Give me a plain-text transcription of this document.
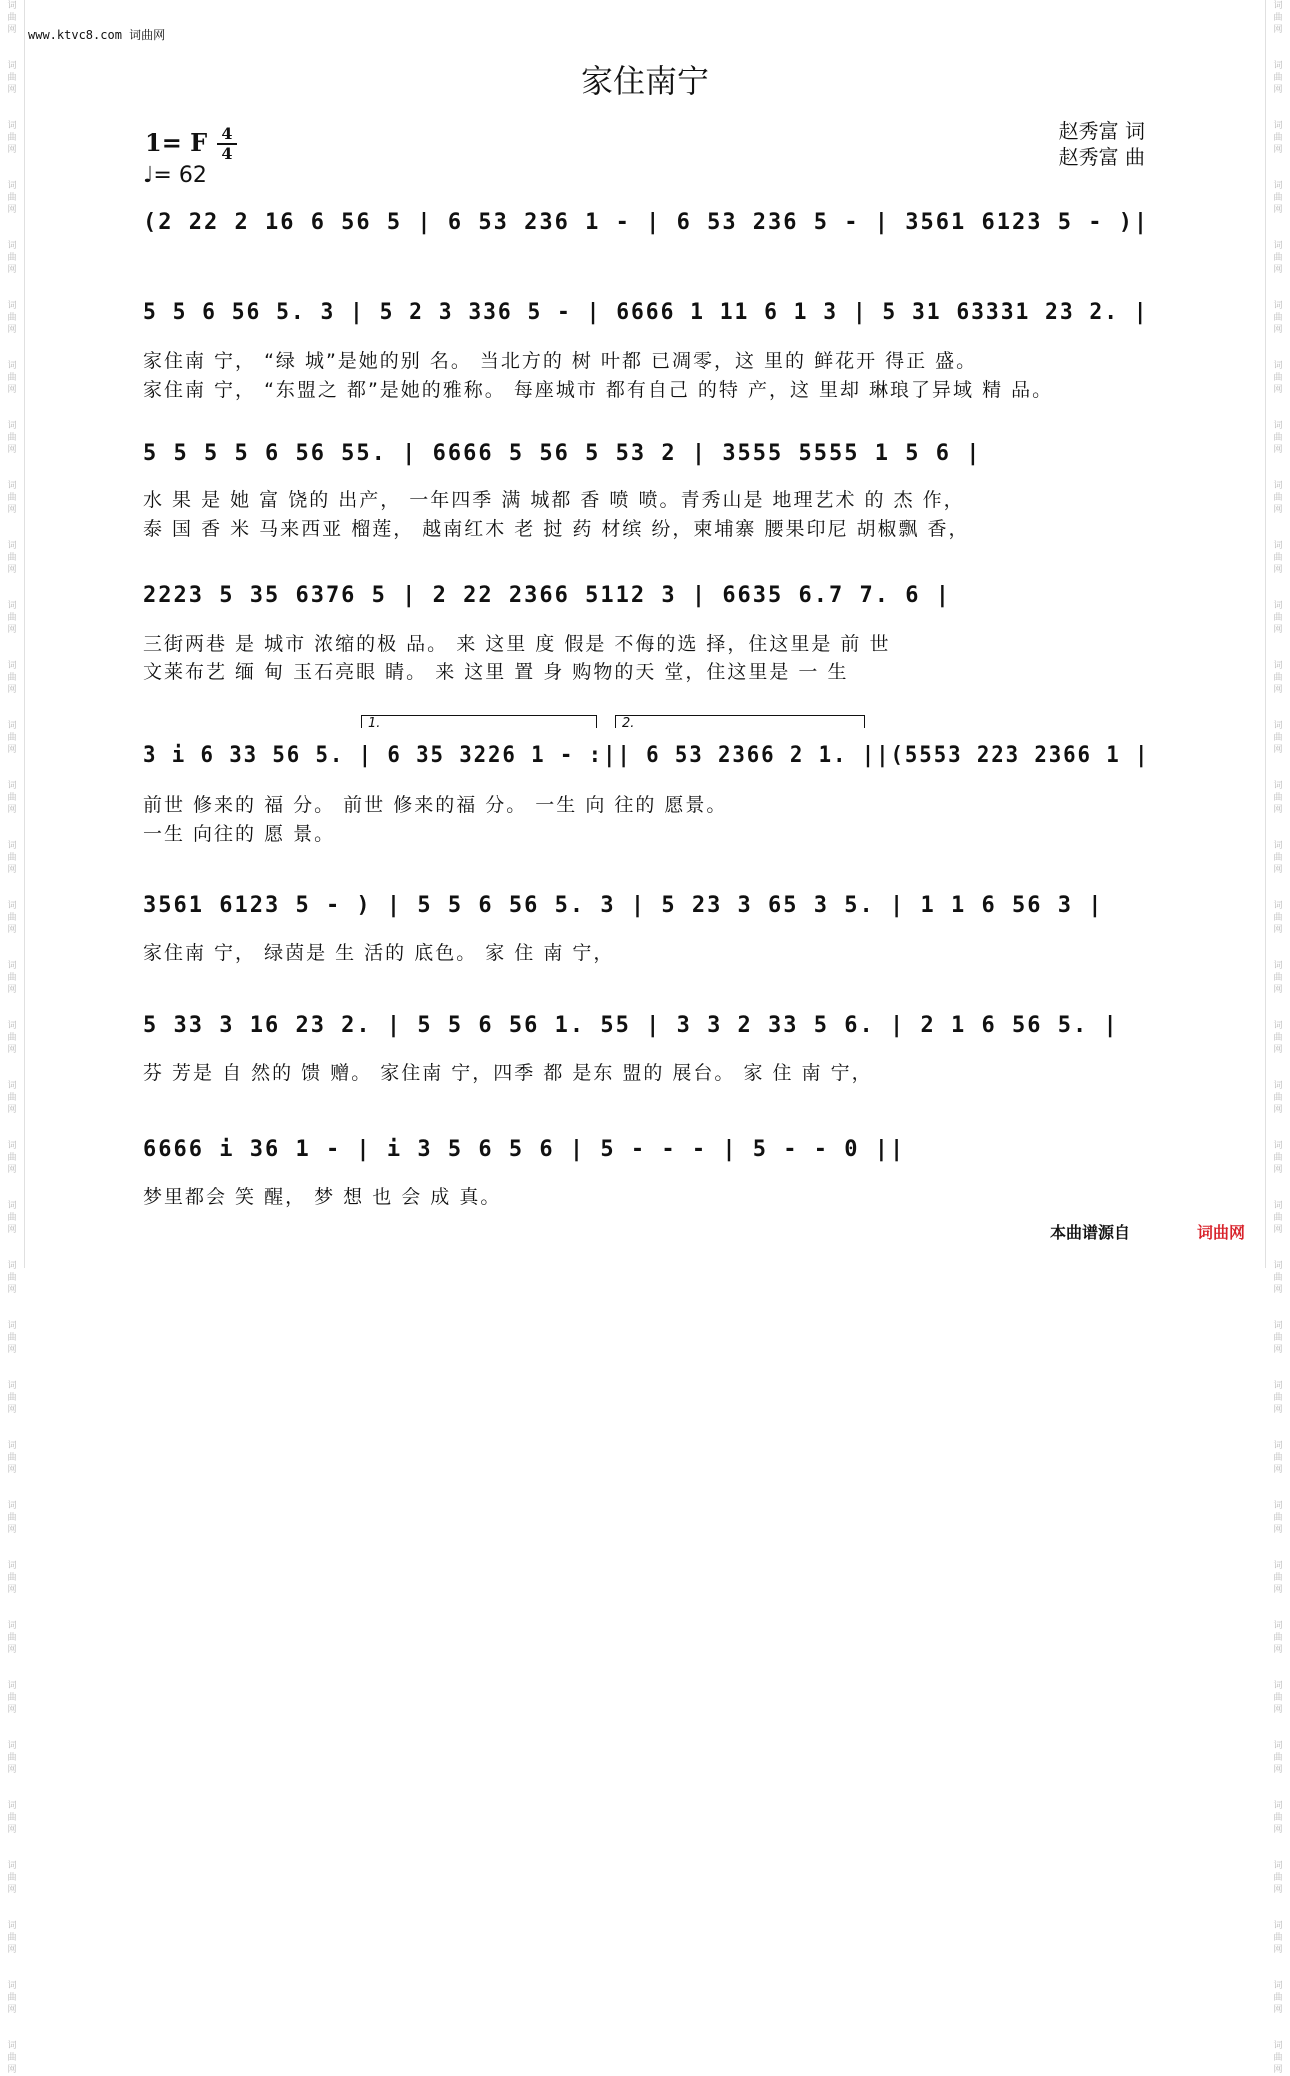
词
曲
网
词
曲
网
词
曲
网
词
曲
网
词
曲
网
词
曲
网
词
曲
网
词
曲
网
词
曲
网
词
曲
网
词
曲
网
词
曲
网
词
曲
网
词
曲
网
词
曲
网
词
曲
网
词
曲
网
词
曲
网
词
曲
网
词
曲
网
词
曲
网
词
曲
网
词
曲
网
词
曲
网
词
曲
网
词
曲
网
词
曲
网
词
曲
网
词
曲
网
词
曲
网
词
曲
网
词
曲
网
词
曲
网
词
曲
网
词
曲
网
词
曲
网
词
曲
网
词
曲
网
词
曲
网
词
曲
网
词
曲
网
词
曲
网
词
曲
网
词
曲
网
词
曲
网
词
曲
网
词
曲
网
词
曲
网
词
曲
网
词
曲
网
词
曲
网
词
曲
网
词
曲
网
词
曲
网
词
曲
网
词
曲
网
词
曲
网
词
曲
网
词
曲
网
词
曲
网
词
曲
网
词
曲
网
词
曲
网
词
曲
网
词
曲
网
词
曲
网
词
曲
网
词
曲
网
词
曲
网
词
曲
网
www.ktvc8.com 词曲网
家住南宁
1= F 4
4
♩= 62
赵秀富 词
赵秀富 曲
(2 22 2 16 6 56 5 | 6 53 236 1 - | 6 53 236 5 - | 3561 6123 5 - )|
5 5 6 56 5. 3 | 5 2 3 336 5 - | 6666 1 11 6 1 3 | 5 31 63331 23 2. |
家住南 宁， “绿 城”是她的别 名。 当北方的 树 叶都 已凋零，这 里的 鲜花开 得正 盛。
家住南 宁， “东盟之 都”是她的雅称。 每座城市 都有自己 的特 产，这 里却 琳琅了异域 精 品。
5 5 5 5 6 56 55. | 6666 5 56 5 53 2 | 3555 5555 1 5 6 |
水 果 是 她 富 饶的 出产， 一年四季 满 城都 香 喷 喷。青秀山是 地理艺术 的 杰 作，
泰 国 香 米 马来西亚 榴莲， 越南红木 老 挝 药 材缤 纷，柬埔寨 腰果印尼 胡椒飘 香，
2223 5 35 6376 5 | 2 22 2366 5112 3 | 6635 6.7 7. 6 |
三街两巷 是 城市 浓缩的极 品。 来 这里 度 假是 不侮的选 择，住这里是 前 世
文莱布艺 缅 甸 玉石亮眼 睛。 来 这里 置 身 购物的天 堂，住这里是 一 生
1.	2.
3 i 6 33 56 5. | 6 35 3226 1 - :|| 6 53 2366 2 1. ||(5553 223 2366 1 |
前世 修来的 福 分。 前世 修来的福 分。 一生 向 往的 愿景。
一生 向往的 愿 景。
3561 6123 5 - ) | 5 5 6 56 5. 3 | 5 23 3 65 3 5. | 1 1 6 56 3 |
家住南 宁， 绿茵是 生 活的 底色。 家 住 南 宁，
5 33 3 16 23 2. | 5 5 6 56 1. 55 | 3 3 2 33 5 6. | 2 1 6 56 5. |
芬 芳是 自 然的 馈 赠。 家住南 宁，四季 都 是东 盟的 展台。 家 住 南 宁，
6666 i 36 1 - | i 3 5 6 5 6 | 5 - - - | 5 - - 0 ||
梦里都会 笑 醒， 梦 想 也 会 成 真。
本曲谱源自	词曲网
